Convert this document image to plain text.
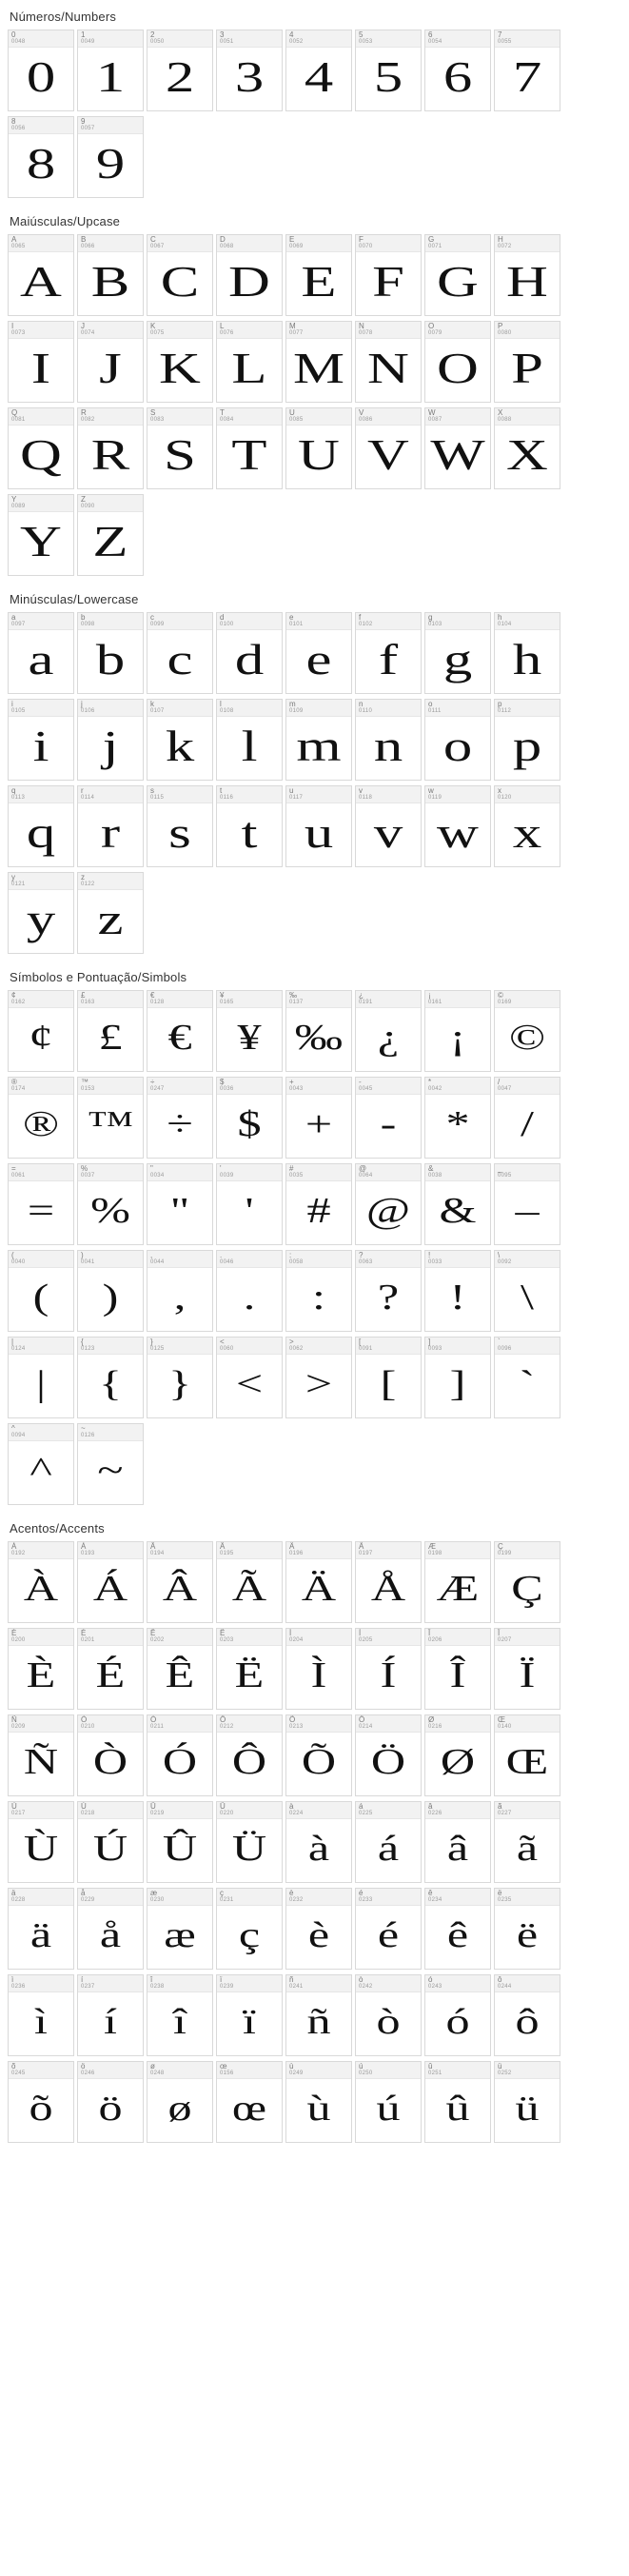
Números/Numbers
0
0048
0
1
0049
1
2
0050
2
3
0051
3
4
0052
4
5
0053
5
6
0054
6
7
0055
7
8
0056
8
9
0057
9
Maiúsculas/Upcase
A
0065
A
B
0066
B
C
0067
C
D
0068
D
E
0069
E
F
0070
F
G
0071
G
H
0072
H
I
0073
I
J
0074
J
K
0075
K
L
0076
L
M
0077
M
N
0078
N
O
0079
O
P
0080
P
Q
0081
Q
R
0082
R
S
0083
S
T
0084
T
U
0085
U
V
0086
V
W
0087
W
X
0088
X
Y
0089
Y
Z
0090
Z
Minúsculas/Lowercase
a
0097
a
b
0098
b
c
0099
c
d
0100
d
e
0101
e
f
0102
f
g
0103
g
h
0104
h
i
0105
i
j
0106
j
k
0107
k
l
0108
l
m
0109
m
n
0110
n
o
0111
o
p
0112
p
q
0113
q
r
0114
r
s
0115
s
t
0116
t
u
0117
u
v
0118
v
w
0119
w
x
0120
x
y
0121
y
z
0122
z
Símbolos e Pontuação/Simbols
¢
0162
¢
£
0163
£
€
0128
€
¥
0165
¥
‰
0137
‰
¿
0191
¿
¡
0161
¡
©
0169
©
®
0174
®
™
0153
™
÷
0247
÷
$
0036
$
+
0043
+
-
0045
-
*
0042
*
/
0047
/
=
0061
=
%
0037
%
"
0034
"
'
0039
'
#
0035
#
@
0064
@
&
0038
&
_
0095
–
(
0040
(
)
0041
)
,
0044
,
.
0046
.
:
0058
:
?
0063
?
!
0033
!
\
0092
\
|
0124
|
{
0123
{
}
0125
}
<
0060
<
>
0062
>
[
0091
[
]
0093
]
`
0096
`
^
0094
^
~
0126
~
Acentos/Accents
À
0192
À
Á
0193
Á
Â
0194
Â
Ã
0195
Ã
Ä
0196
Ä
Å
0197
Å
Æ
0198
Æ
Ç
0199
Ç
È
0200
È
É
0201
É
Ê
0202
Ê
Ë
0203
Ë
Ì
0204
Ì
Í
0205
Í
Î
0206
Î
Ï
0207
Ï
Ñ
0209
Ñ
Ò
0210
Ò
Ó
0211
Ó
Ô
0212
Ô
Õ
0213
Õ
Ö
0214
Ö
Ø
0216
Ø
Œ
0140
Œ
Ù
0217
Ù
Ú
0218
Ú
Û
0219
Û
Ü
0220
Ü
à
0224
à
á
0225
á
â
0226
â
ã
0227
ã
ä
0228
ä
å
0229
å
æ
0230
æ
ç
0231
ç
è
0232
è
é
0233
é
ê
0234
ê
ë
0235
ë
ì
0236
ì
í
0237
í
î
0238
î
ï
0239
ï
ñ
0241
ñ
ò
0242
ò
ó
0243
ó
ô
0244
ô
õ
0245
õ
ö
0246
ö
ø
0248
ø
œ
0156
œ
ù
0249
ù
ú
0250
ú
û
0251
û
ü
0252
ü
